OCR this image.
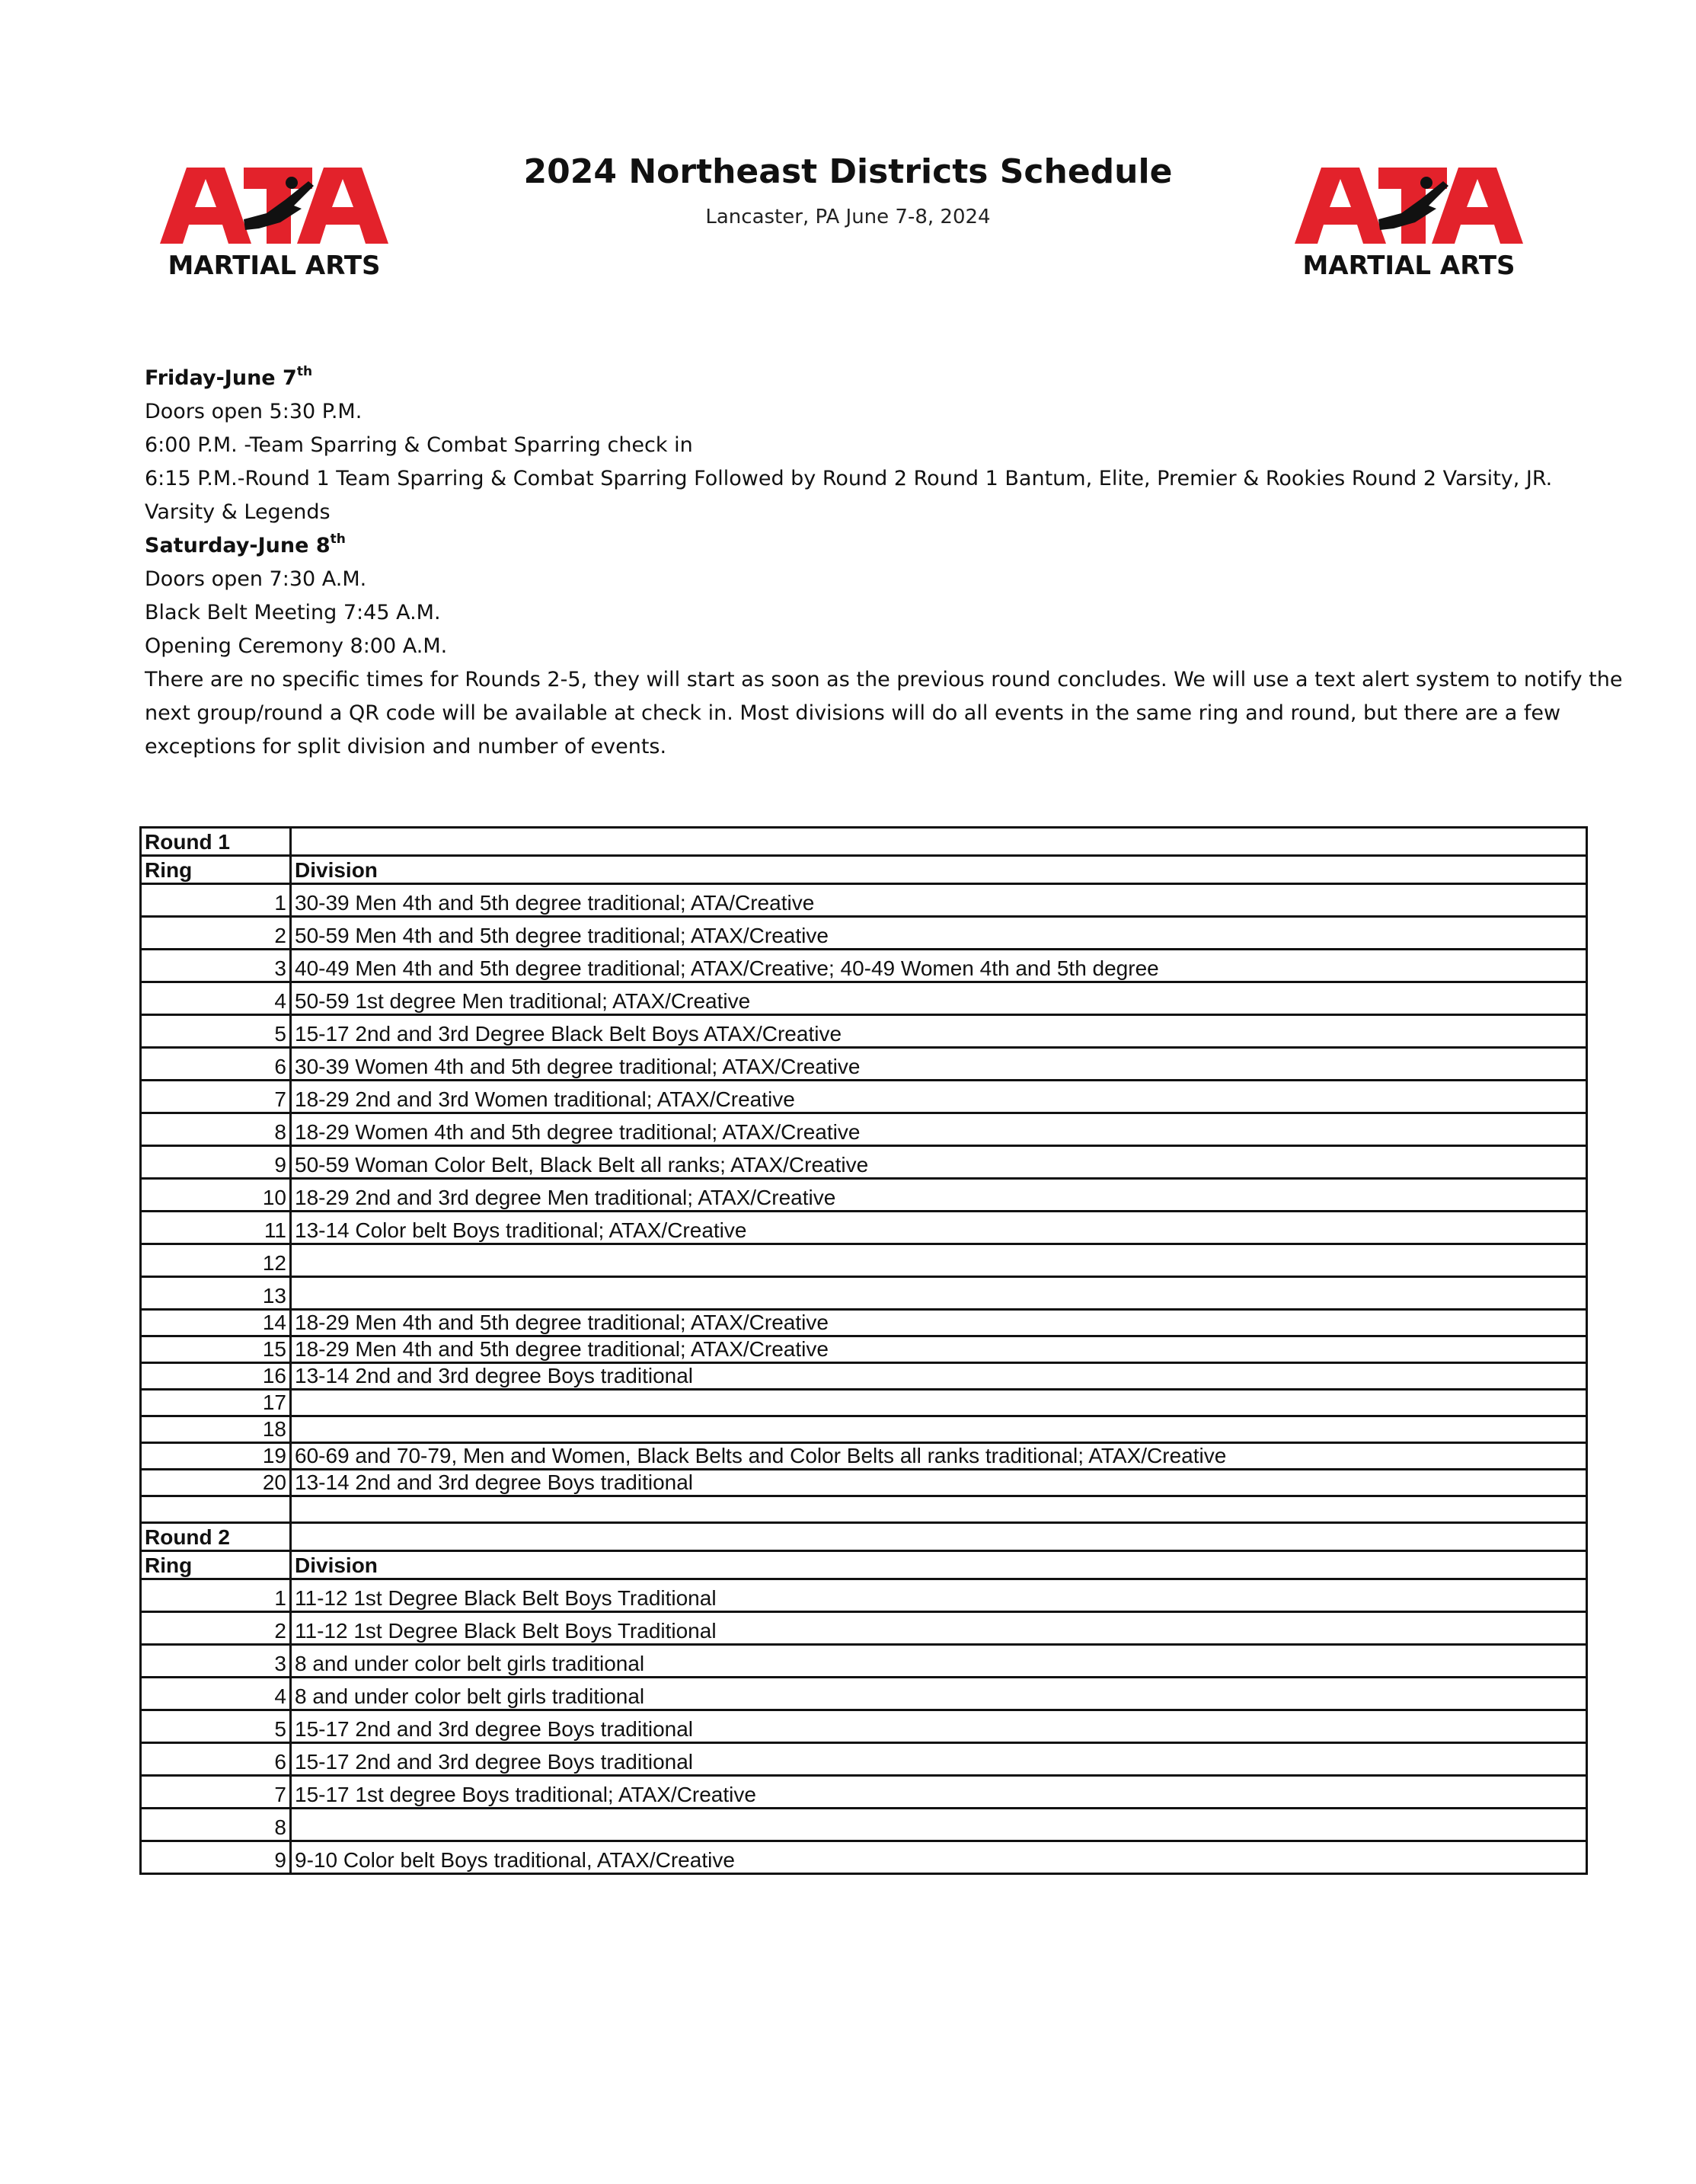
MARTIAL ARTS	MARTIAL ARTS
2024 Northeast Districts Schedule
Lancaster, PA June 7-8, 2024

Friday-June 7th

Doors open 5:30 P.M.

6:00 P.M. -Team Sparring & Combat Sparring check in

6:15 P.M.-Round 1 Team Sparring & Combat Sparring Followed by Round 2 Round 1 Bantum, Elite, Premier & Rookies Round 2 Varsity, JR.

Varsity & Legends

Saturday-June 8th

Doors open 7:30 A.M.

Black Belt Meeting 7:45 A.M.

Opening Ceremony 8:00 A.M.

There are no specific times for Rounds 2-5, they will start as soon as the previous round concludes. We will use a text alert system to notify the

next group/round a QR code will be available at check in. Most divisions will do all events in the same ring and round, but there are a few

exceptions for split division and number of events.

Round 1	
Ring	Division
1	30-39 Men 4th and 5th degree traditional; ATA/Creative
2	50-59 Men 4th and 5th degree traditional; ATAX/Creative
3	40-49 Men 4th and 5th degree traditional; ATAX/Creative; 40-49 Women 4th and 5th degree
4	50-59 1st degree Men traditional; ATAX/Creative
5	15-17 2nd and 3rd Degree Black Belt Boys ATAX/Creative
6	30-39 Women 4th and 5th degree traditional; ATAX/Creative
7	18-29 2nd and 3rd Women traditional; ATAX/Creative
8	18-29 Women 4th and 5th degree traditional; ATAX/Creative
9	50-59 Woman Color Belt, Black Belt all ranks; ATAX/Creative
10	18-29 2nd and 3rd degree Men traditional; ATAX/Creative
11	13-14 Color belt Boys traditional; ATAX/Creative
12	
13	
14	18-29 Men 4th and 5th degree traditional; ATAX/Creative
15	18-29 Men 4th and 5th degree traditional; ATAX/Creative
16	13-14 2nd and 3rd degree Boys traditional
17	
18	
19	60-69 and 70-79, Men and Women, Black Belts and Color Belts all ranks traditional; ATAX/Creative
20	13-14 2nd and 3rd degree Boys traditional

Round 2	
Ring	Division
1	11-12 1st Degree Black Belt Boys Traditional
2	11-12 1st Degree Black Belt Boys Traditional
3	8 and under color belt girls traditional
4	8 and under color belt girls traditional
5	15-17 2nd and 3rd degree Boys traditional
6	15-17 2nd and 3rd degree Boys traditional
7	15-17 1st degree Boys traditional; ATAX/Creative
8	
9	9-10 Color belt Boys traditional, ATAX/Creative
